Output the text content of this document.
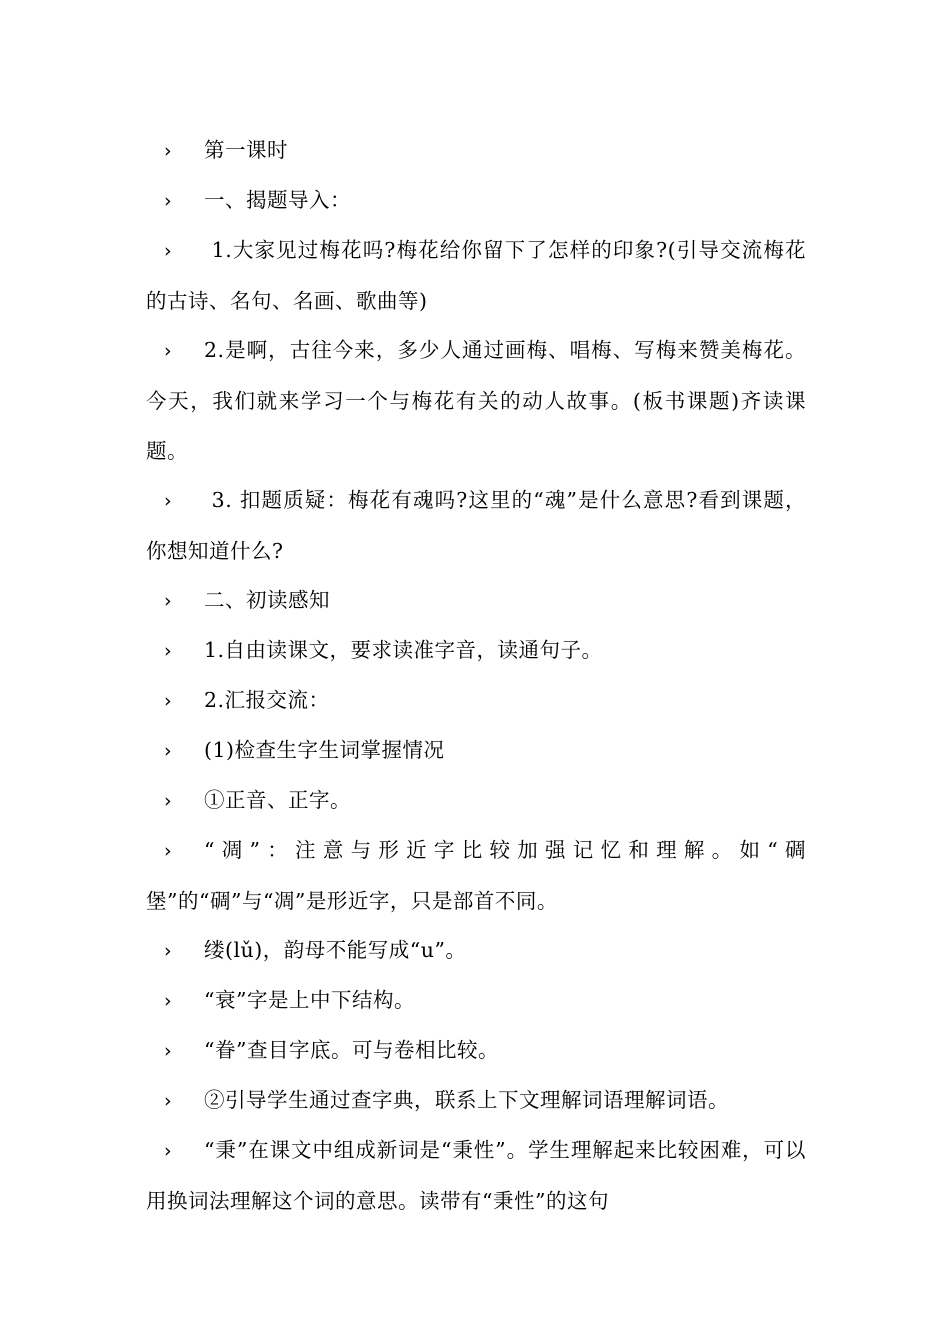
› 第一课时

› 一、揭题导入：

› 1.大家见过梅花吗?梅花给你留下了怎样的印象?(引导交流梅花的古诗、名句、名画、歌曲等)

› 2.是啊，古往今来，多少人通过画梅、唱梅、写梅来赞美梅花。今天，我们就来学习一个与梅花有关的动人故事。(板书课题)齐读课题。

› 3. 扣题质疑：梅花有魂吗?这里的“魂”是什么意思?看到课题，你想知道什么?

› 二、初读感知

› 1.自由读课文，要求读准字音，读通句子。

› 2.汇报交流：

› (1)检查生字生词掌握情况

› ①正音、正字。

› “凋”：注意与形近字比较加强记忆和理解。如“碉堡”的“碉”与“凋”是形近字，只是部首不同。

› 缕(lǔ)，韵母不能写成“u”。

› “衰”字是上中下结构。

› “眷”查目字底。可与卷相比较。

› ②引导学生通过查字典，联系上下文理解词语理解词语。

› “秉”在课文中组成新词是“秉性”。学生理解起来比较困难，可以用换词法理解这个词的意思。读带有“秉性”的这句
